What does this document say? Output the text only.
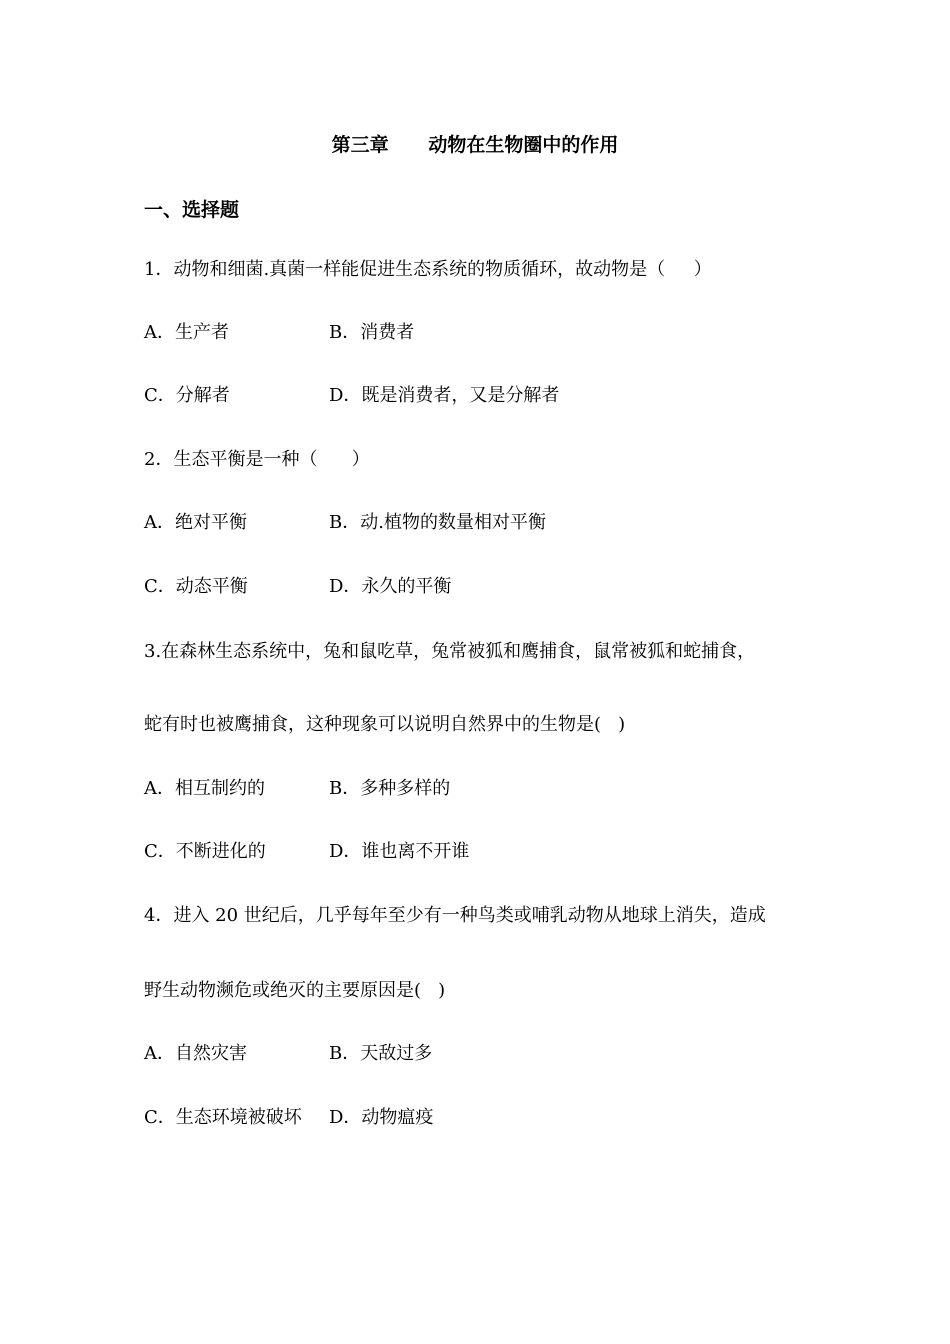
第三章      动物在生物圈中的作用
一、选择题
1．动物和细菌.真菌一样能促进生态系统的物质循环，故动物是（     ）
A．生产者	B．消费者
C．分解者	D．既是消费者，又是分解者
2．生态平衡是一种（      ）
A．绝对平衡	B．动.植物的数量相对平衡
C．动态平衡	D．永久的平衡
3.在森林生态系统中，兔和鼠吃草，兔常被狐和鹰捕食，鼠常被狐和蛇捕食，
蛇有时也被鹰捕食，这种现象可以说明自然界中的生物是(   )
A．相互制约的	B．多种多样的
C．不断进化的	D．谁也离不开谁
4．进入 20 世纪后，几乎每年至少有一种鸟类或哺乳动物从地球上消失，造成
野生动物濒危或绝灭的主要原因是(   )
A．自然灾害	B．天敌过多
C．生态环境被破坏 D．动物瘟疫
